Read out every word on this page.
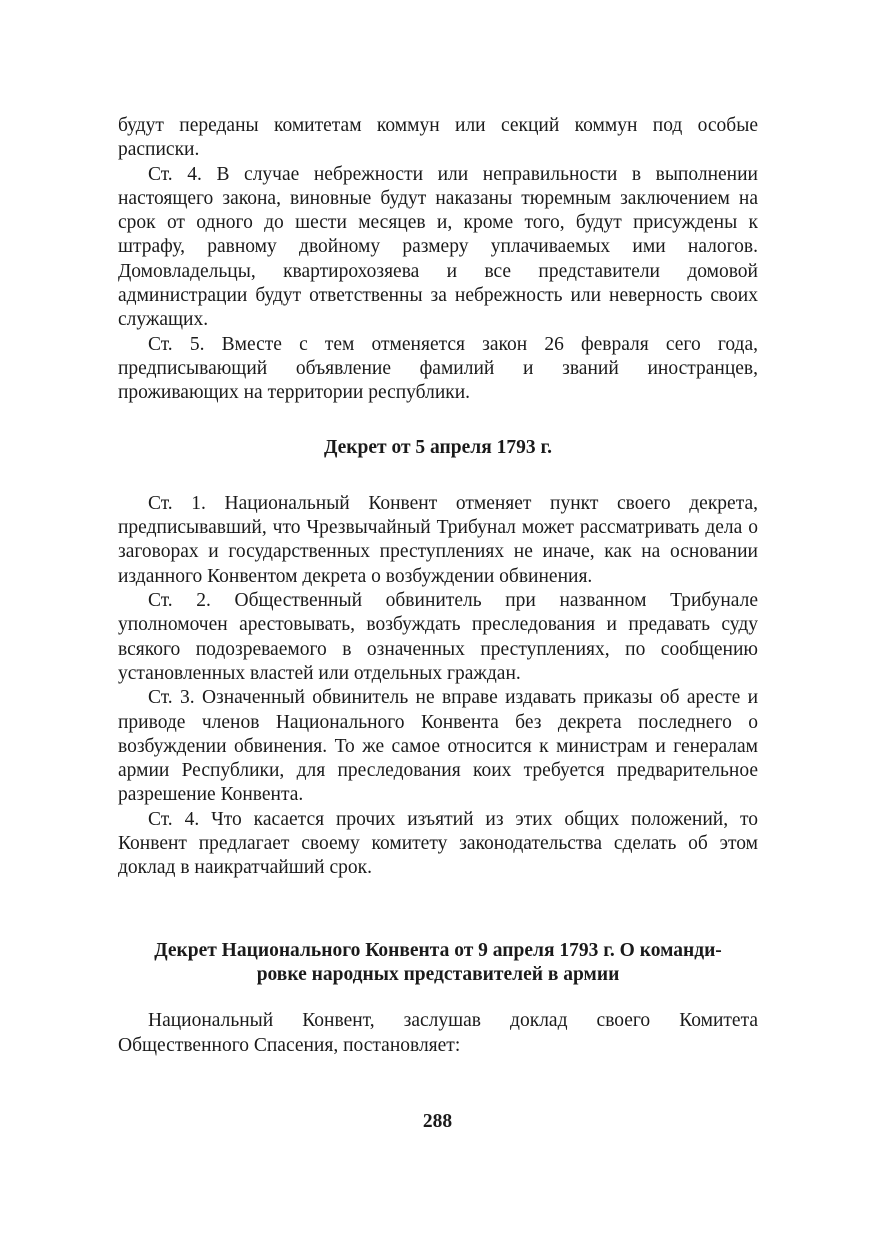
будут переданы комитетам коммун или секций коммун под особые расписки.

Ст. 4. В случае небрежности или неправильности в выполнении настоящего закона, виновные будут наказаны тюремным заключением на срок от одного до шести месяцев и, кроме того, будут присуждены к штрафу, равному двойному размеру уплачиваемых ими налогов. Домовладельцы, квартирохозяева и все представители домовой администрации будут ответственны за небрежность или неверность своих служащих.

Ст. 5. Вместе с тем отменяется закон 26 февраля сего года, предписывающий объявление фамилий и званий иностранцев, проживающих на территории республики.

Декрет от 5 апреля 1793 г.

Ст. 1. Национальный Конвент отменяет пункт своего декрета, предписывавший, что Чрезвычайный Трибунал может рассматривать дела о заговорах и государственных преступлениях не иначе, как на основании изданного Конвентом декрета о возбуждении обвинения.

Ст. 2. Общественный обвинитель при названном Трибунале уполномочен арестовывать, возбуждать преследования и предавать суду всякого подозреваемого в означенных преступлениях, по сообщению установленных властей или отдельных граждан.

Ст. 3. Означенный обвинитель не вправе издавать приказы об аресте и приводе членов Национального Конвента без декрета последнего о возбуждении обвинения. То же самое относится к министрам и генералам армии Республики, для преследования коих требуется предварительное разрешение Конвента.

Ст. 4. Что касается прочих изъятий из этих общих положений, то Конвент предлагает своему комитету законодательства сделать об этом доклад в наикратчайший срок.

Декрет Национального Конвента от 9 апреля 1793 г. О команди-
ровке народных представителей в армии

Национальный Конвент, заслушав доклад своего Комитета Общественного Спасения, постановляет:

288
